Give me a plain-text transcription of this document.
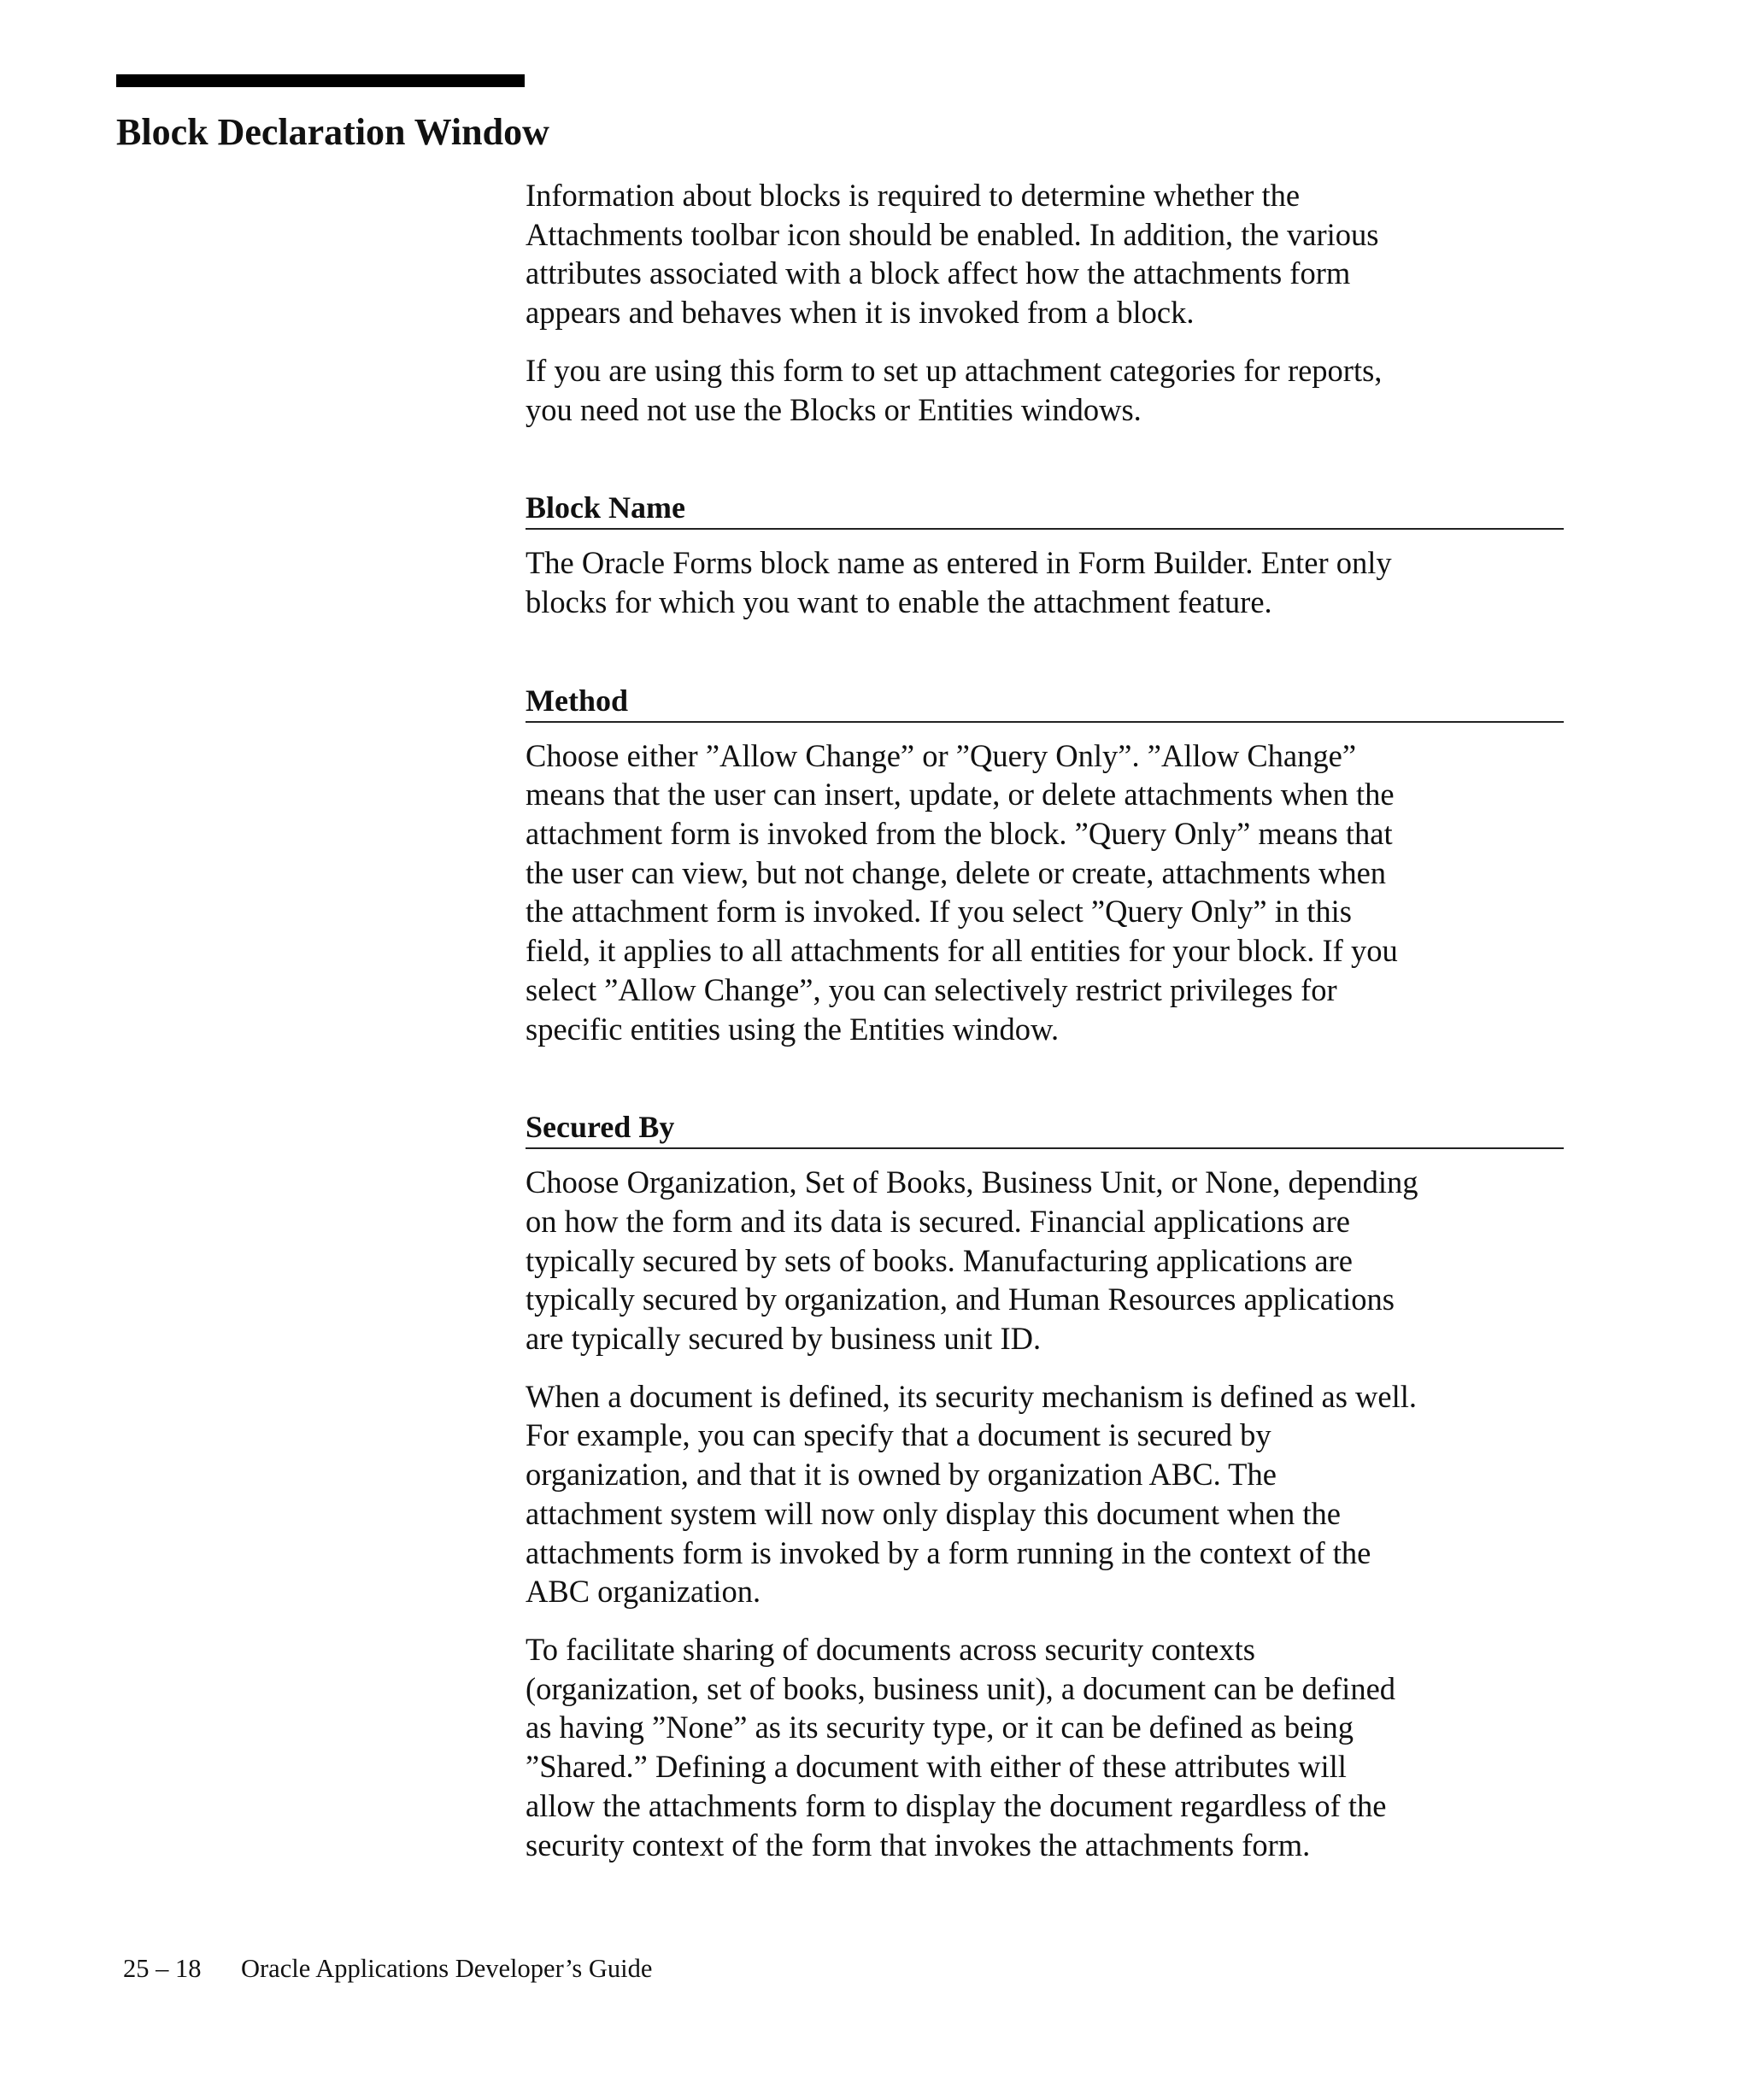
Block Declaration Window

Information about blocks is required to determine whether the
Attachments toolbar icon should be enabled. In addition, the various
attributes associated with a block affect how the attachments form
appears and behaves when it is invoked from a block.

If you are using this form to set up attachment categories for reports,
you need not use the Blocks or Entities windows.

Block Name

The Oracle Forms block name as entered in Form Builder. Enter only
blocks for which you want to enable the attachment feature.

Method

Choose either ”Allow Change” or ”Query Only”. ”Allow Change”
means that the user can insert, update, or delete attachments when the
attachment form is invoked from the block. ”Query Only” means that
the user can view, but not change, delete or create, attachments when
the attachment form is invoked. If you select ”Query Only” in this
field, it applies to all attachments for all entities for your block. If you
select ”Allow Change”, you can selectively restrict privileges for
specific entities using the Entities window.

Secured By

Choose Organization, Set of Books, Business Unit, or None, depending
on how the form and its data is secured. Financial applications are
typically secured by sets of books. Manufacturing applications are
typically secured by organization, and Human Resources applications
are typically secured by business unit ID.

When a document is defined, its security mechanism is defined as well.
For example, you can specify that a document is secured by
organization, and that it is owned by organization ABC. The
attachment system will now only display this document when the
attachments form is invoked by a form running in the context of the
ABC organization.

To facilitate sharing of documents across security contexts
(organization, set of books, business unit), a document can be defined
as having ”None” as its security type, or it can be defined as being
”Shared.” Defining a document with either of these attributes will
allow the attachments form to display the document regardless of the
security context of the form that invokes the attachments form.

25 – 18 Oracle Applications Developer’s Guide
